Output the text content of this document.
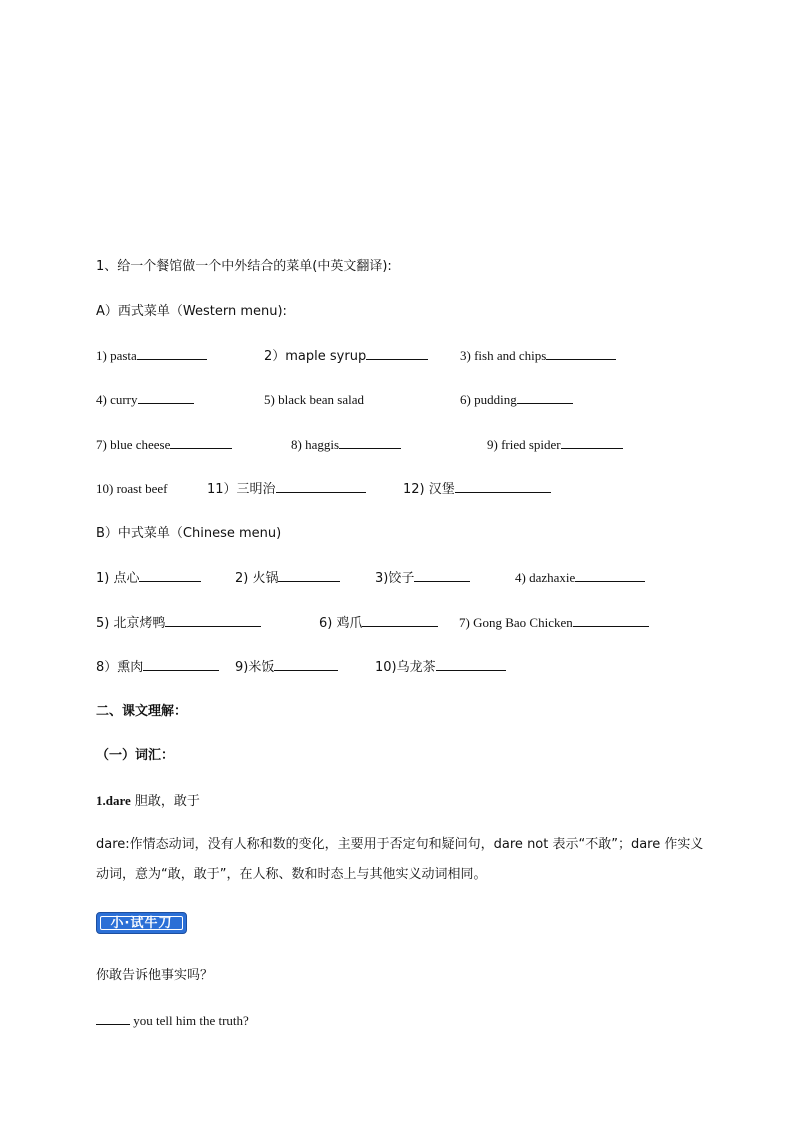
1、给一个餐馆做一个中外结合的菜单(中英文翻译):
A）西式菜单（Western menu):
1) pasta	2）maple syrup	3) fish and chips
4) curry	5) black bean salad	6) pudding
7) blue cheese	8) haggis	9) fried spider
10) roast beef	11）三明治	12) 汉堡
B）中式菜单（Chinese menu)
1) 点心	2) 火锅	3)饺子	4) dazhaxie
5) 北京烤鸭	6) 鸡爪	7) Gong Bao Chicken
8）熏肉	9)米饭	10)乌龙茶
二、课文理解：
（一）词汇：
1.dare 胆敢，敢于
dare:作情态动词，没有人称和数的变化，主要用于否定句和疑问句，dare not 表示“不敢”；dare 作实义动词，意为“敢，敢于”，在人称、数和时态上与其他实义动词相同。
小·试牛刀
你敢告诉他事实吗？
you tell him the truth?
